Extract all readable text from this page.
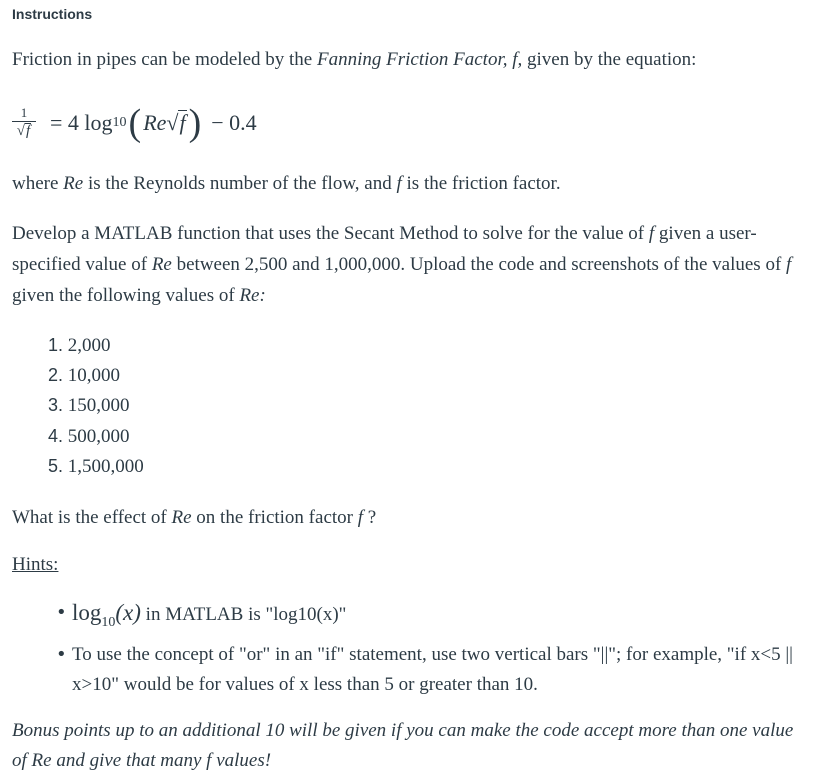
Instructions
Friction in pipes can be modeled by the Fanning Friction Factor, f, given by the equation:
$\frac{1}{√f} = 4$ log 10 ( Re √f ) − 0.4
where Re is the Reynolds number of the flow, and f is the friction factor.
Develop a MATLAB function that uses the Secant Method to solve for the value of f given a user-specified value of Re between 2,500 and 1,000,000. Upload the code and screenshots of the values of f given the following values of Re:
1. 2,000
2. 10,000
3. 150,000
4. 500,000
5. 1,500,000
What is the effect of Re on the friction factor f ?
Hints:
• $\log_{10}(x)$ in MATLAB is "log10(x)"
• To use the concept of "or" in an "if" statement, use two vertical bars "||"; for example, "if x<5 || x>10" would be for values of x less than 5 or greater than 10.
Bonus points up to an additional 10 will be given if you can make the code accept more than one value of Re and give that many f values!
